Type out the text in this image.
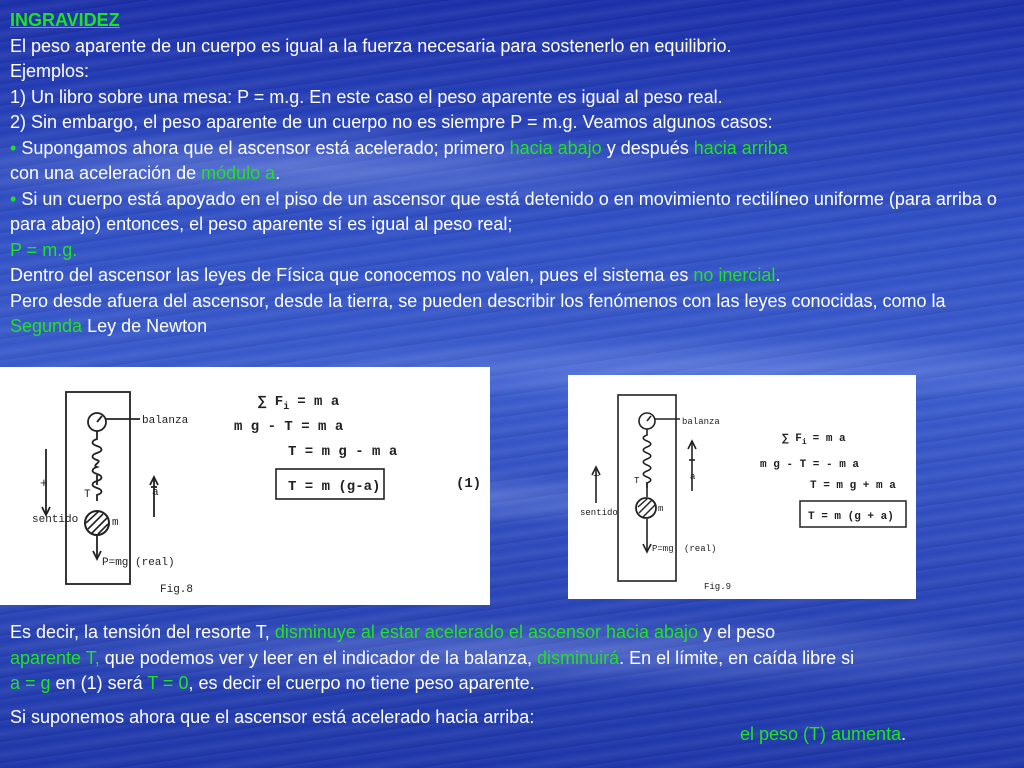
INGRAVIDEZ
El peso aparente de un cuerpo es igual a la fuerza necesaria para sostenerlo en equilibrio.
Ejemplos:
1) Un libro sobre una mesa: P = m.g. En este caso el peso aparente es igual al peso real.
2) Sin embargo, el peso aparente de un cuerpo no es siempre P = m.g. Veamos algunos casos:
• Supongamos ahora que el ascensor está acelerado; primero hacia abajo y después hacia arriba
con una aceleración de módulo a.
• Si un cuerpo está apoyado en el piso de un ascensor que está detenido o en movimiento rectilíneo uniforme (para arriba o para abajo) entonces, el peso aparente sí es igual al peso real;
P = m.g.
Dentro del ascensor las leyes de Física que conocemos no valen, pues el sistema es no inercial.
Pero desde afuera del ascensor, desde la tierra, se pueden describir los fenómenos con las leyes conocidas, como la Segunda Ley de Newton
balanza
+
sentido
T	a
m
P=mg (real)
Fig.8
∑ $F_i = m$ a
m g - T = m a
T = m g - m a
T = m (g-a)	(1)
balanza
+
sentido
T	a
m
P=mg (real)
Fig.9
∑ $F_i = m$ a
m g - T = - m a
T = m g + m a
T = m (g + a)

Es decir, la tensión del resorte T, disminuye al estar acelerado el ascensor hacia abajo y el peso
aparente T, que podemos ver y leer en el indicador de la balanza, disminuirá. En el límite, en caída libre si
a = g en (1) será T = 0, es decir el cuerpo no tiene peso aparente.

Si suponemos ahora que el ascensor está acelerado hacia arriba:

el peso (T) aumenta.
